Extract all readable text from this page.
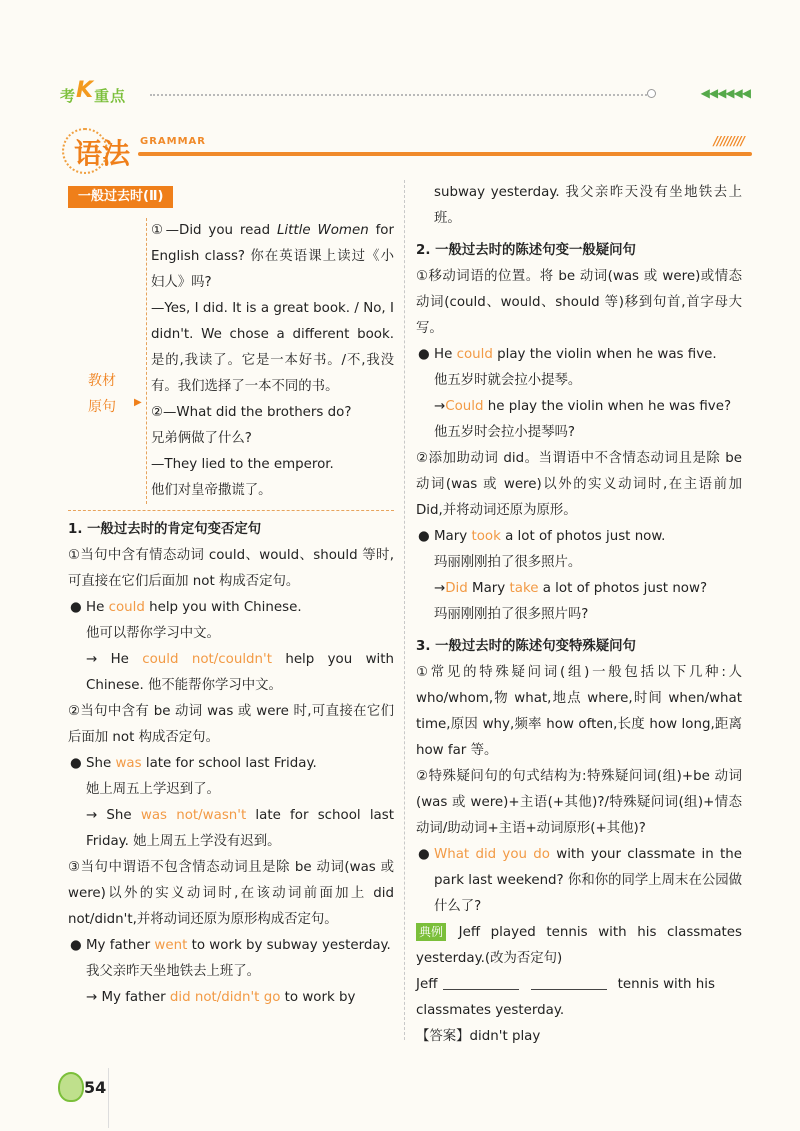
考K重点	◀◀◀◀◀◀
语法 GRAMMAR	/////////
一般过去时(Ⅱ)
教材原句	▶
①—Did you read Little Women for English class? 你在英语课上读过《小妇人》吗?
—Yes, I did. It is a great book. / No, I didn't. We chose a different book. 是的,我读了。它是一本好书。/不,我没有。我们选择了一本不同的书。
②—What did the brothers do?
兄弟俩做了什么?
—They lied to the emperor.
他们对皇帝撒谎了。
1. 一般过去时的肯定句变否定句
①当句中含有情态动词 could、would、should 等时,可直接在它们后面加 not 构成否定句。
● He could help you with Chinese.
他可以帮你学习中文。
→ He could not/couldn't help you with Chinese. 他不能帮你学习中文。
②当句中含有 be 动词 was 或 were 时,可直接在它们后面加 not 构成否定句。
● She was late for school last Friday.
她上周五上学迟到了。
→ She was not/wasn't late for school last Friday. 她上周五上学没有迟到。
③当句中谓语不包含情态动词且是除 be 动词(was 或 were)以外的实义动词时,在该动词前面加上 did not/didn't,并将动词还原为原形构成否定句。
● My father went to work by subway yesterday.
我父亲昨天坐地铁去上班了。
→ My father did not/didn't go to work by
subway yesterday. 我父亲昨天没有坐地铁去上班。
2. 一般过去时的陈述句变一般疑问句
①移动词语的位置。将 be 动词(was 或 were)或情态动词(could、would、should 等)移到句首,首字母大写。
● He could play the violin when he was five.
他五岁时就会拉小提琴。
→Could he play the violin when he was five?
他五岁时会拉小提琴吗?
②添加助动词 did。当谓语中不含情态动词且是除 be 动词(was 或 were)以外的实义动词时,在主语前加 Did,并将动词还原为原形。
● Mary took a lot of photos just now.
玛丽刚刚拍了很多照片。
→Did Mary take a lot of photos just now?
玛丽刚刚拍了很多照片吗?
3. 一般过去时的陈述句变特殊疑问句
①常见的特殊疑问词(组)一般包括以下几种:人 who/whom,物 what,地点 where,时间 when/what time,原因 why,频率 how often,长度 how long,距离 how far 等。
②特殊疑问句的句式结构为:特殊疑问词(组)+be 动词(was 或 were)+主语(+其他)?/特殊疑问词(组)+情态动词/助动词+主语+动词原形(+其他)?
● What did you do with your classmate in the park last weekend? 你和你的同学上周末在公园做什么了?
典例 Jeff played tennis with his classmates yesterday.(改为否定句)
Jeff	tennis with his classmates yesterday.
【答案】didn't play
54
